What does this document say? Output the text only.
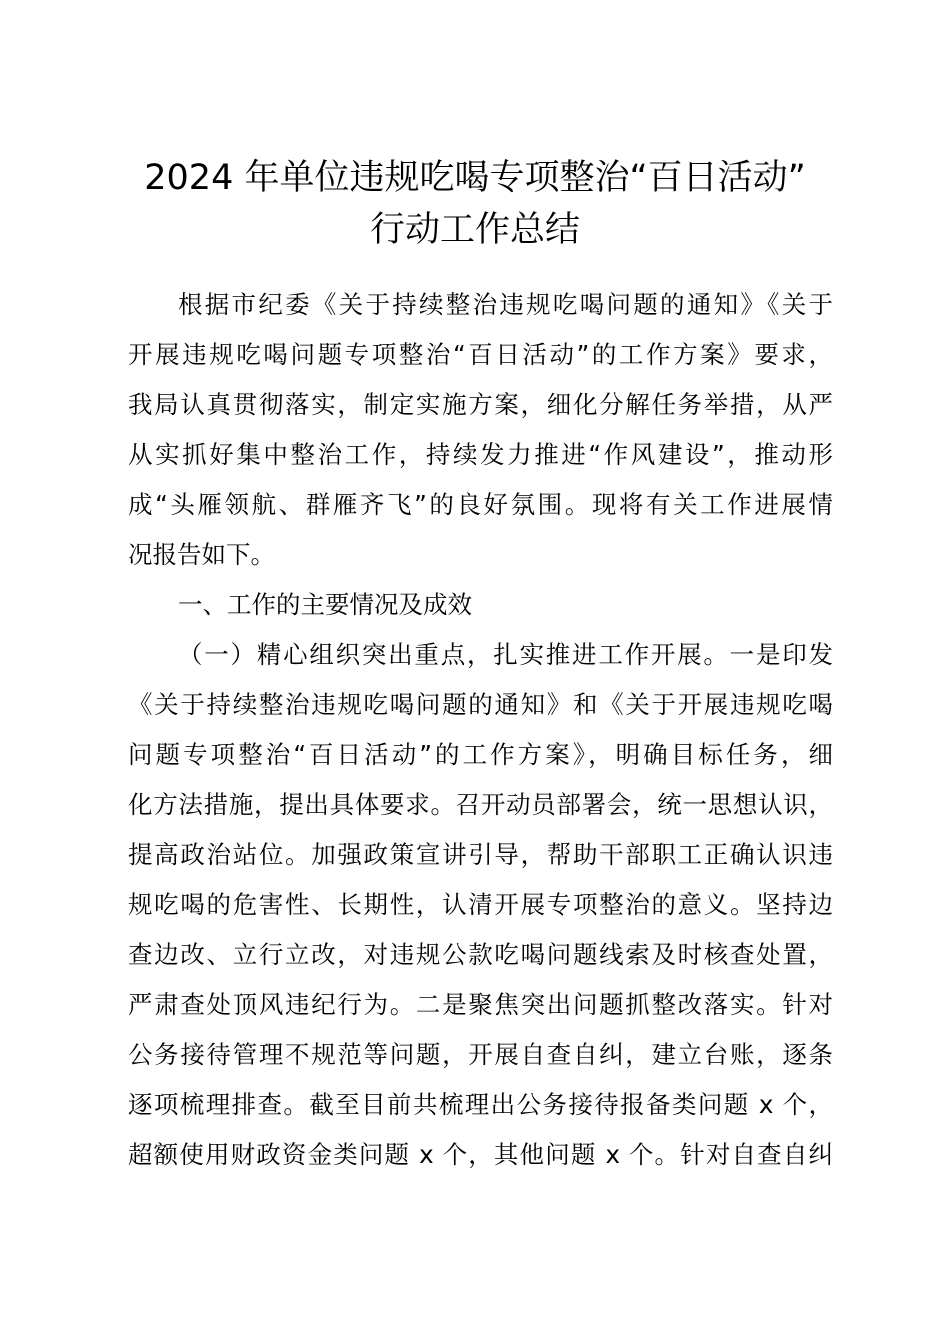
2024 年单位违规吃喝专项整治“百日活动”
行动工作总结
根据市纪委《关于持续整治违规吃喝问题的通知》《关于
开展违规吃喝问题专项整治“百日活动”的工作方案》要求，
我局认真贯彻落实，制定实施方案，细化分解任务举措，从严
从实抓好集中整治工作，持续发力推进“作风建设”，推动形
成“头雁领航、群雁齐飞”的良好氛围。现将有关工作进展情
况报告如下。
一、工作的主要情况及成效
（一）精心组织突出重点，扎实推进工作开展。一是印发
《关于持续整治违规吃喝问题的通知》和《关于开展违规吃喝
问题专项整治“百日活动”的工作方案》，明确目标任务，细
化方法措施，提出具体要求。召开动员部署会，统一思想认识，
提高政治站位。加强政策宣讲引导，帮助干部职工正确认识违
规吃喝的危害性、长期性，认清开展专项整治的意义。坚持边
查边改、立行立改，对违规公款吃喝问题线索及时核查处置，
严肃查处顶风违纪行为。二是聚焦突出问题抓整改落实。针对
公务接待管理不规范等问题，开展自查自纠，建立台账，逐条
逐项梳理排查。截至目前共梳理出公务接待报备类问题 x 个，
超额使用财政资金类问题 x 个，其他问题 x 个。针对自查自纠
